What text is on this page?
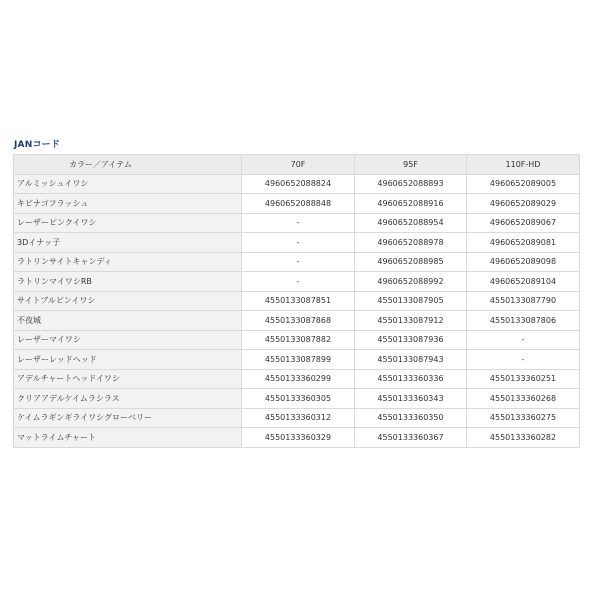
JANコード
カラー／アイテム	70F	95F	110F-HD
アルミッシュイワシ	4960652088824	4960652088893	4960652089005
キビナゴフラッシュ	4960652088848	4960652088916	4960652089029
レーザーピンクイワシ	-	4960652088954	4960652089067
3Dイナッ子	-	4960652088978	4960652089081
ラトリンサイトキャンディ	-	4960652088985	4960652089098
ラトリンマイワシRB	-	4960652088992	4960652089104
サイトブルピンイワシ	4550133087851	4550133087905	4550133087790
不夜城	4550133087868	4550133087912	4550133087806
レーザーマイワシ	4550133087882	4550133087936	-
レーザーレッドヘッド	4550133087899	4550133087943	-
アデルチャートヘッドイワシ	4550133360299	4550133360336	4550133360251
クリアアデルケイムラシラス	4550133360305	4550133360343	4550133360268
ケイムラギンギライワシグローベリー	4550133360312	4550133360350	4550133360275
マットライムチャート	4550133360329	4550133360367	4550133360282
